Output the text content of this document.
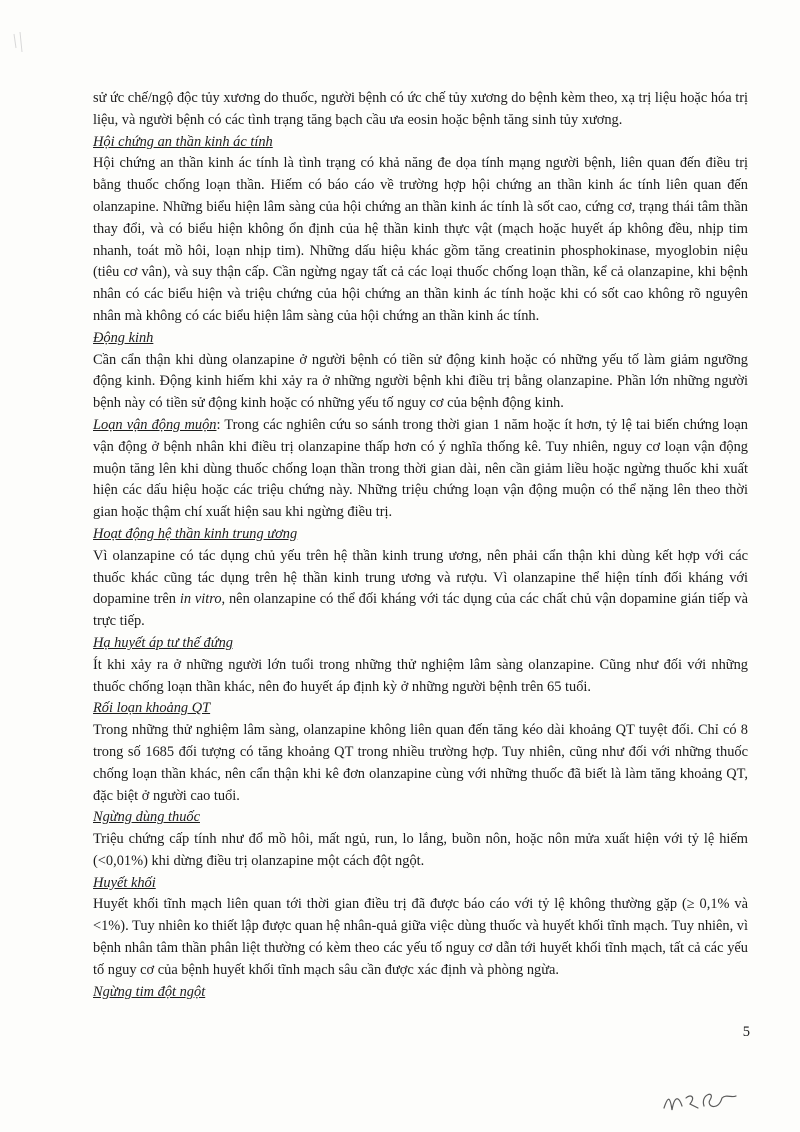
sử ức chế/ngộ độc tủy xương do thuốc, người bệnh có ức chế tủy xương do bệnh kèm theo, xạ trị liệu hoặc hóa trị liệu, và người bệnh có các tình trạng tăng bạch cầu ưa eosin hoặc bệnh tăng sinh tủy xương.

Hội chứng an thần kinh ác tính

Hội chứng an thần kinh ác tính là tình trạng có khả năng đe dọa tính mạng người bệnh, liên quan đến điều trị bằng thuốc chống loạn thần. Hiếm có báo cáo về trường hợp hội chứng an thần kinh ác tính liên quan đến olanzapine. Những biểu hiện lâm sàng của hội chứng an thần kinh ác tính là sốt cao, cứng cơ, trạng thái tâm thần thay đổi, và có biểu hiện không ổn định của hệ thần kinh thực vật (mạch hoặc huyết áp không đều, nhịp tim nhanh, toát mồ hôi, loạn nhịp tim). Những dấu hiệu khác gồm tăng creatinin phosphokinase, myoglobin niệu (tiêu cơ vân), và suy thận cấp. Cần ngừng ngay tất cả các loại thuốc chống loạn thần, kể cả olanzapine, khi bệnh nhân có các biểu hiện và triệu chứng của hội chứng an thần kinh ác tính hoặc khi có sốt cao không rõ nguyên nhân mà không có các biểu hiện lâm sàng của hội chứng an thần kinh ác tính.

Động kinh

Cần cẩn thận khi dùng olanzapine ở người bệnh có tiền sử động kinh hoặc có những yếu tố làm giảm ngưỡng động kinh. Động kinh hiếm khi xảy ra ở những người bệnh khi điều trị bằng olanzapine. Phần lớn những người bệnh này có tiền sử động kinh hoặc có những yếu tố nguy cơ của bệnh động kinh.

Loạn vận động muộn: Trong các nghiên cứu so sánh trong thời gian 1 năm hoặc ít hơn, tỷ lệ tai biến chứng loạn vận động ở bệnh nhân khi điều trị olanzapine thấp hơn có ý nghĩa thống kê. Tuy nhiên, nguy cơ loạn vận động muộn tăng lên khi dùng thuốc chống loạn thần trong thời gian dài, nên cần giảm liều hoặc ngừng thuốc khi xuất hiện các dấu hiệu hoặc các triệu chứng này. Những triệu chứng loạn vận động muộn có thể nặng lên theo thời gian hoặc thậm chí xuất hiện sau khi ngừng điều trị.

Hoạt động hệ thần kinh trung ương

Vì olanzapine có tác dụng chủ yếu trên hệ thần kinh trung ương, nên phải cẩn thận khi dùng kết hợp với các thuốc khác cũng tác dụng trên hệ thần kinh trung ương và rượu. Vì olanzapine thể hiện tính đối kháng với dopamine trên in vitro, nên olanzapine có thể đối kháng với tác dụng của các chất chủ vận dopamine gián tiếp và trực tiếp.

Hạ huyết áp tư thế đứng

Ít khi xảy ra ở những người lớn tuổi trong những thử nghiệm lâm sàng olanzapine. Cũng như đối với những thuốc chống loạn thần khác, nên đo huyết áp định kỳ ở những người bệnh trên 65 tuổi.

Rối loạn khoảng QT

Trong những thử nghiệm lâm sàng, olanzapine không liên quan đến tăng kéo dài khoảng QT tuyệt đối. Chỉ có 8 trong số 1685 đối tượng có tăng khoảng QT trong nhiều trường hợp. Tuy nhiên, cũng như đối với những thuốc chống loạn thần khác, nên cẩn thận khi kê đơn olanzapine cùng với những thuốc đã biết là làm tăng khoảng QT, đặc biệt ở người cao tuổi.

Ngừng dùng thuốc

Triệu chứng cấp tính như đổ mồ hôi, mất ngủ, run, lo lắng, buồn nôn, hoặc nôn mửa xuất hiện với tỷ lệ hiếm (<0,01%) khi dừng điều trị olanzapine một cách đột ngột.

Huyết khối

Huyết khối tĩnh mạch liên quan tới thời gian điều trị đã được báo cáo với tỷ lệ không thường gặp (≥ 0,1% và <1%). Tuy nhiên ko thiết lập được quan hệ nhân-quả giữa việc dùng thuốc và huyết khối tĩnh mạch. Tuy nhiên, vì bệnh nhân tâm thần phân liệt thường có kèm theo các yếu tố nguy cơ dẫn tới huyết khối tĩnh mạch, tất cả các yếu tố nguy cơ của bệnh huyết khối tĩnh mạch sâu cần được xác định và phòng ngừa.

Ngừng tim đột ngột

5
